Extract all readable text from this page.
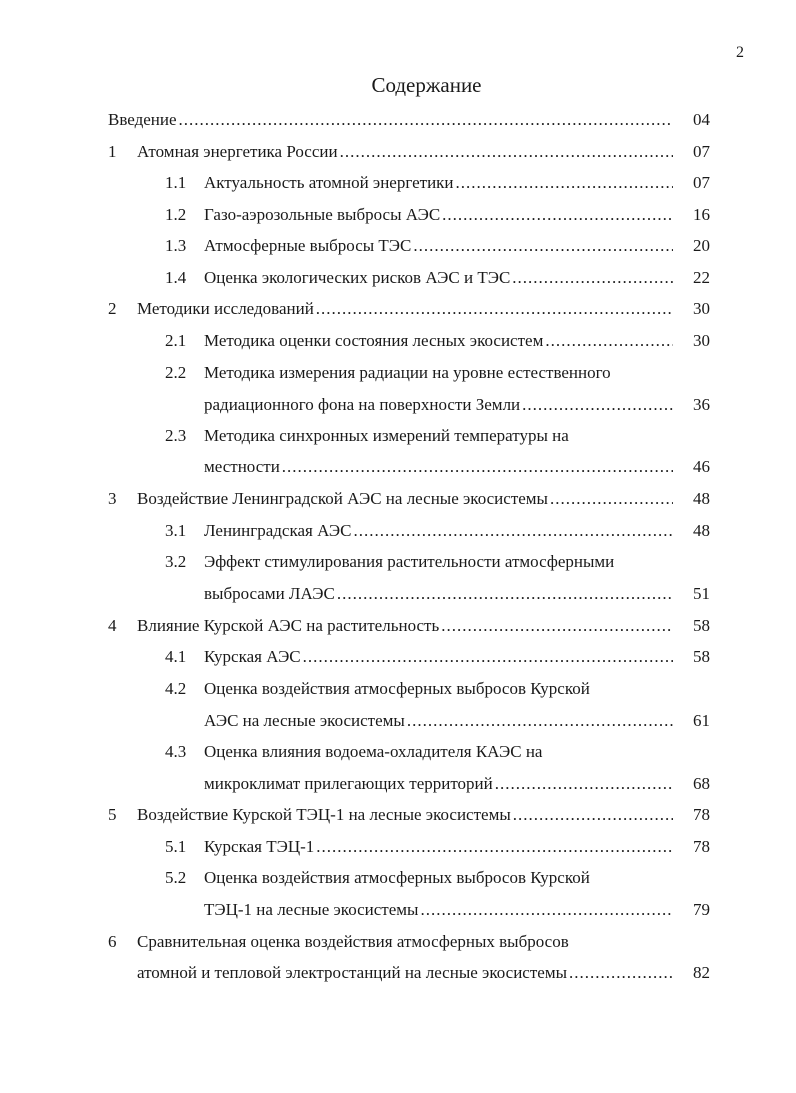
2
Содержание
Введение .....	04
1	Атомная энергетика России .....	07
1.1	Актуальность атомной энергетики .....	07
1.2	Газо-аэрозольные выбросы АЭС .....	16
1.3	Атмосферные выбросы ТЭС .....	20
1.4	Оценка экологических рисков АЭС и ТЭС .....	22
2	Методики исследований .....	30
2.1	Методика оценки состояния лесных экосистем .....	30
2.2	Методика измерения радиации на уровне естественного
радиационного фона на поверхности Земли .....	36
2.3	Методика синхронных измерений температуры на
местности .....	46
3	Воздействие Ленинградской АЭС на лесные экосистемы .....	48
3.1	Ленинградская АЭС .....	48
3.2	Эффект стимулирования растительности атмосферными
выбросами ЛАЭС .....	51
4	Влияние Курской АЭС на растительность .....	58
4.1	Курская АЭС .....	58
4.2	Оценка воздействия атмосферных выбросов Курской
АЭС на лесные экосистемы .....	61
4.3	Оценка влияния водоема-охладителя КАЭС на
микроклимат прилегающих территорий .....	68
5	Воздействие Курской ТЭЦ-1 на лесные экосистемы .....	78
5.1	Курская ТЭЦ-1 .....	78
5.2	Оценка воздействия атмосферных выбросов Курской
ТЭЦ-1 на лесные экосистемы .....	79
6	Сравнительная оценка воздействия атмосферных выбросов
атомной и тепловой электростанций на лесные экосистемы .....	82
